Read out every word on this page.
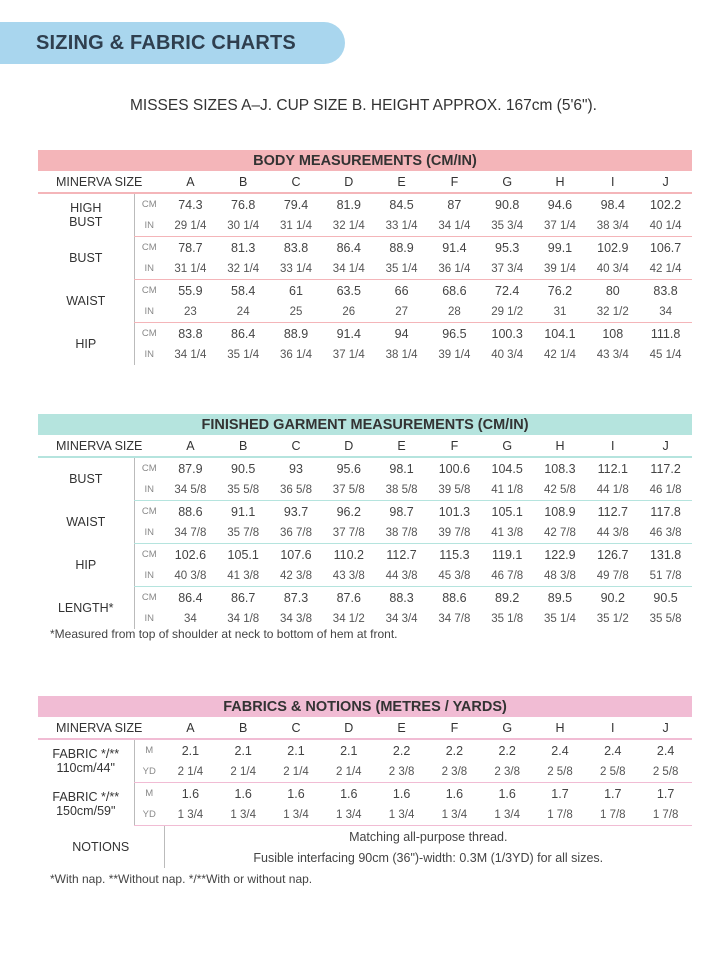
SIZING & FABRIC CHARTS
MISSES SIZES A–J. CUP SIZE B. HEIGHT APPROX. 167cm (5'6").
BODY MEASUREMENTS (CM/IN)											
MINERVA SIZE		A	B	C	D	E	F	G	H	I	J
HIGH
BUST	CM	74.3	76.8	79.4	81.9	84.5	87	90.8	94.6	98.4	102.2
	IN	29 1/4	30 1/4	31 1/4	32 1/4	33 1/4	34 1/4	35 3/4	37 1/4	38 3/4	40 1/4
BUST	CM	78.7	81.3	83.8	86.4	88.9	91.4	95.3	99.1	102.9	106.7
	IN	31 1/4	32 1/4	33 1/4	34 1/4	35 1/4	36 1/4	37 3/4	39 1/4	40 3/4	42 1/4
WAIST	CM	55.9	58.4	61	63.5	66	68.6	72.4	76.2	80	83.8
	IN	23	24	25	26	27	28	29 1/2	31	32 1/2	34
HIP	CM	83.8	86.4	88.9	91.4	94	96.5	100.3	104.1	108	111.8
	IN	34 1/4	35 1/4	36 1/4	37 1/4	38 1/4	39 1/4	40 3/4	42 1/4	43 3/4	45 1/4
FINISHED GARMENT MEASUREMENTS (CM/IN)											
MINERVA SIZE		A	B	C	D	E	F	G	H	I	J
BUST	CM	87.9	90.5	93	95.6	98.1	100.6	104.5	108.3	112.1	117.2
	IN	34 5/8	35 5/8	36 5/8	37 5/8	38 5/8	39 5/8	41 1/8	42 5/8	44 1/8	46 1/8
WAIST	CM	88.6	91.1	93.7	96.2	98.7	101.3	105.1	108.9	112.7	117.8
	IN	34 7/8	35 7/8	36 7/8	37 7/8	38 7/8	39 7/8	41 3/8	42 7/8	44 3/8	46 3/8
HIP	CM	102.6	105.1	107.6	110.2	112.7	115.3	119.1	122.9	126.7	131.8
	IN	40 3/8	41 3/8	42 3/8	43 3/8	44 3/8	45 3/8	46 7/8	48 3/8	49 7/8	51 7/8
LENGTH*	CM	86.4	86.7	87.3	87.6	88.3	88.6	89.2	89.5	90.2	90.5
	IN	34	34 1/8	34 3/8	34 1/2	34 3/4	34 7/8	35 1/8	35 1/4	35 1/2	35 5/8
*Measured from top of shoulder at neck to bottom of hem at front.
FABRICS & NOTIONS (METRES / YARDS)											
MINERVA SIZE		A	B	C	D	E	F	G	H	I	J
FABRIC */**
110cm/44"	M	2.1	2.1	2.1	2.1	2.2	2.2	2.2	2.4	2.4	2.4
	YD	2 1/4	2 1/4	2 1/4	2 1/4	2 3/8	2 3/8	2 3/8	2 5/8	2 5/8	2 5/8
FABRIC */**
150cm/59"	M	1.6	1.6	1.6	1.6	1.6	1.6	1.6	1.7	1.7	1.7
	YD	1 3/4	1 3/4	1 3/4	1 3/4	1 3/4	1 3/4	1 3/4	1 7/8	1 7/8	1 7/8
NOTIONS		Matching all-purpose thread.									
		Fusible interfacing 90cm (36")-width: 0.3M (1/3YD) for all sizes.									
*With nap. **Without nap. */**With or without nap.
